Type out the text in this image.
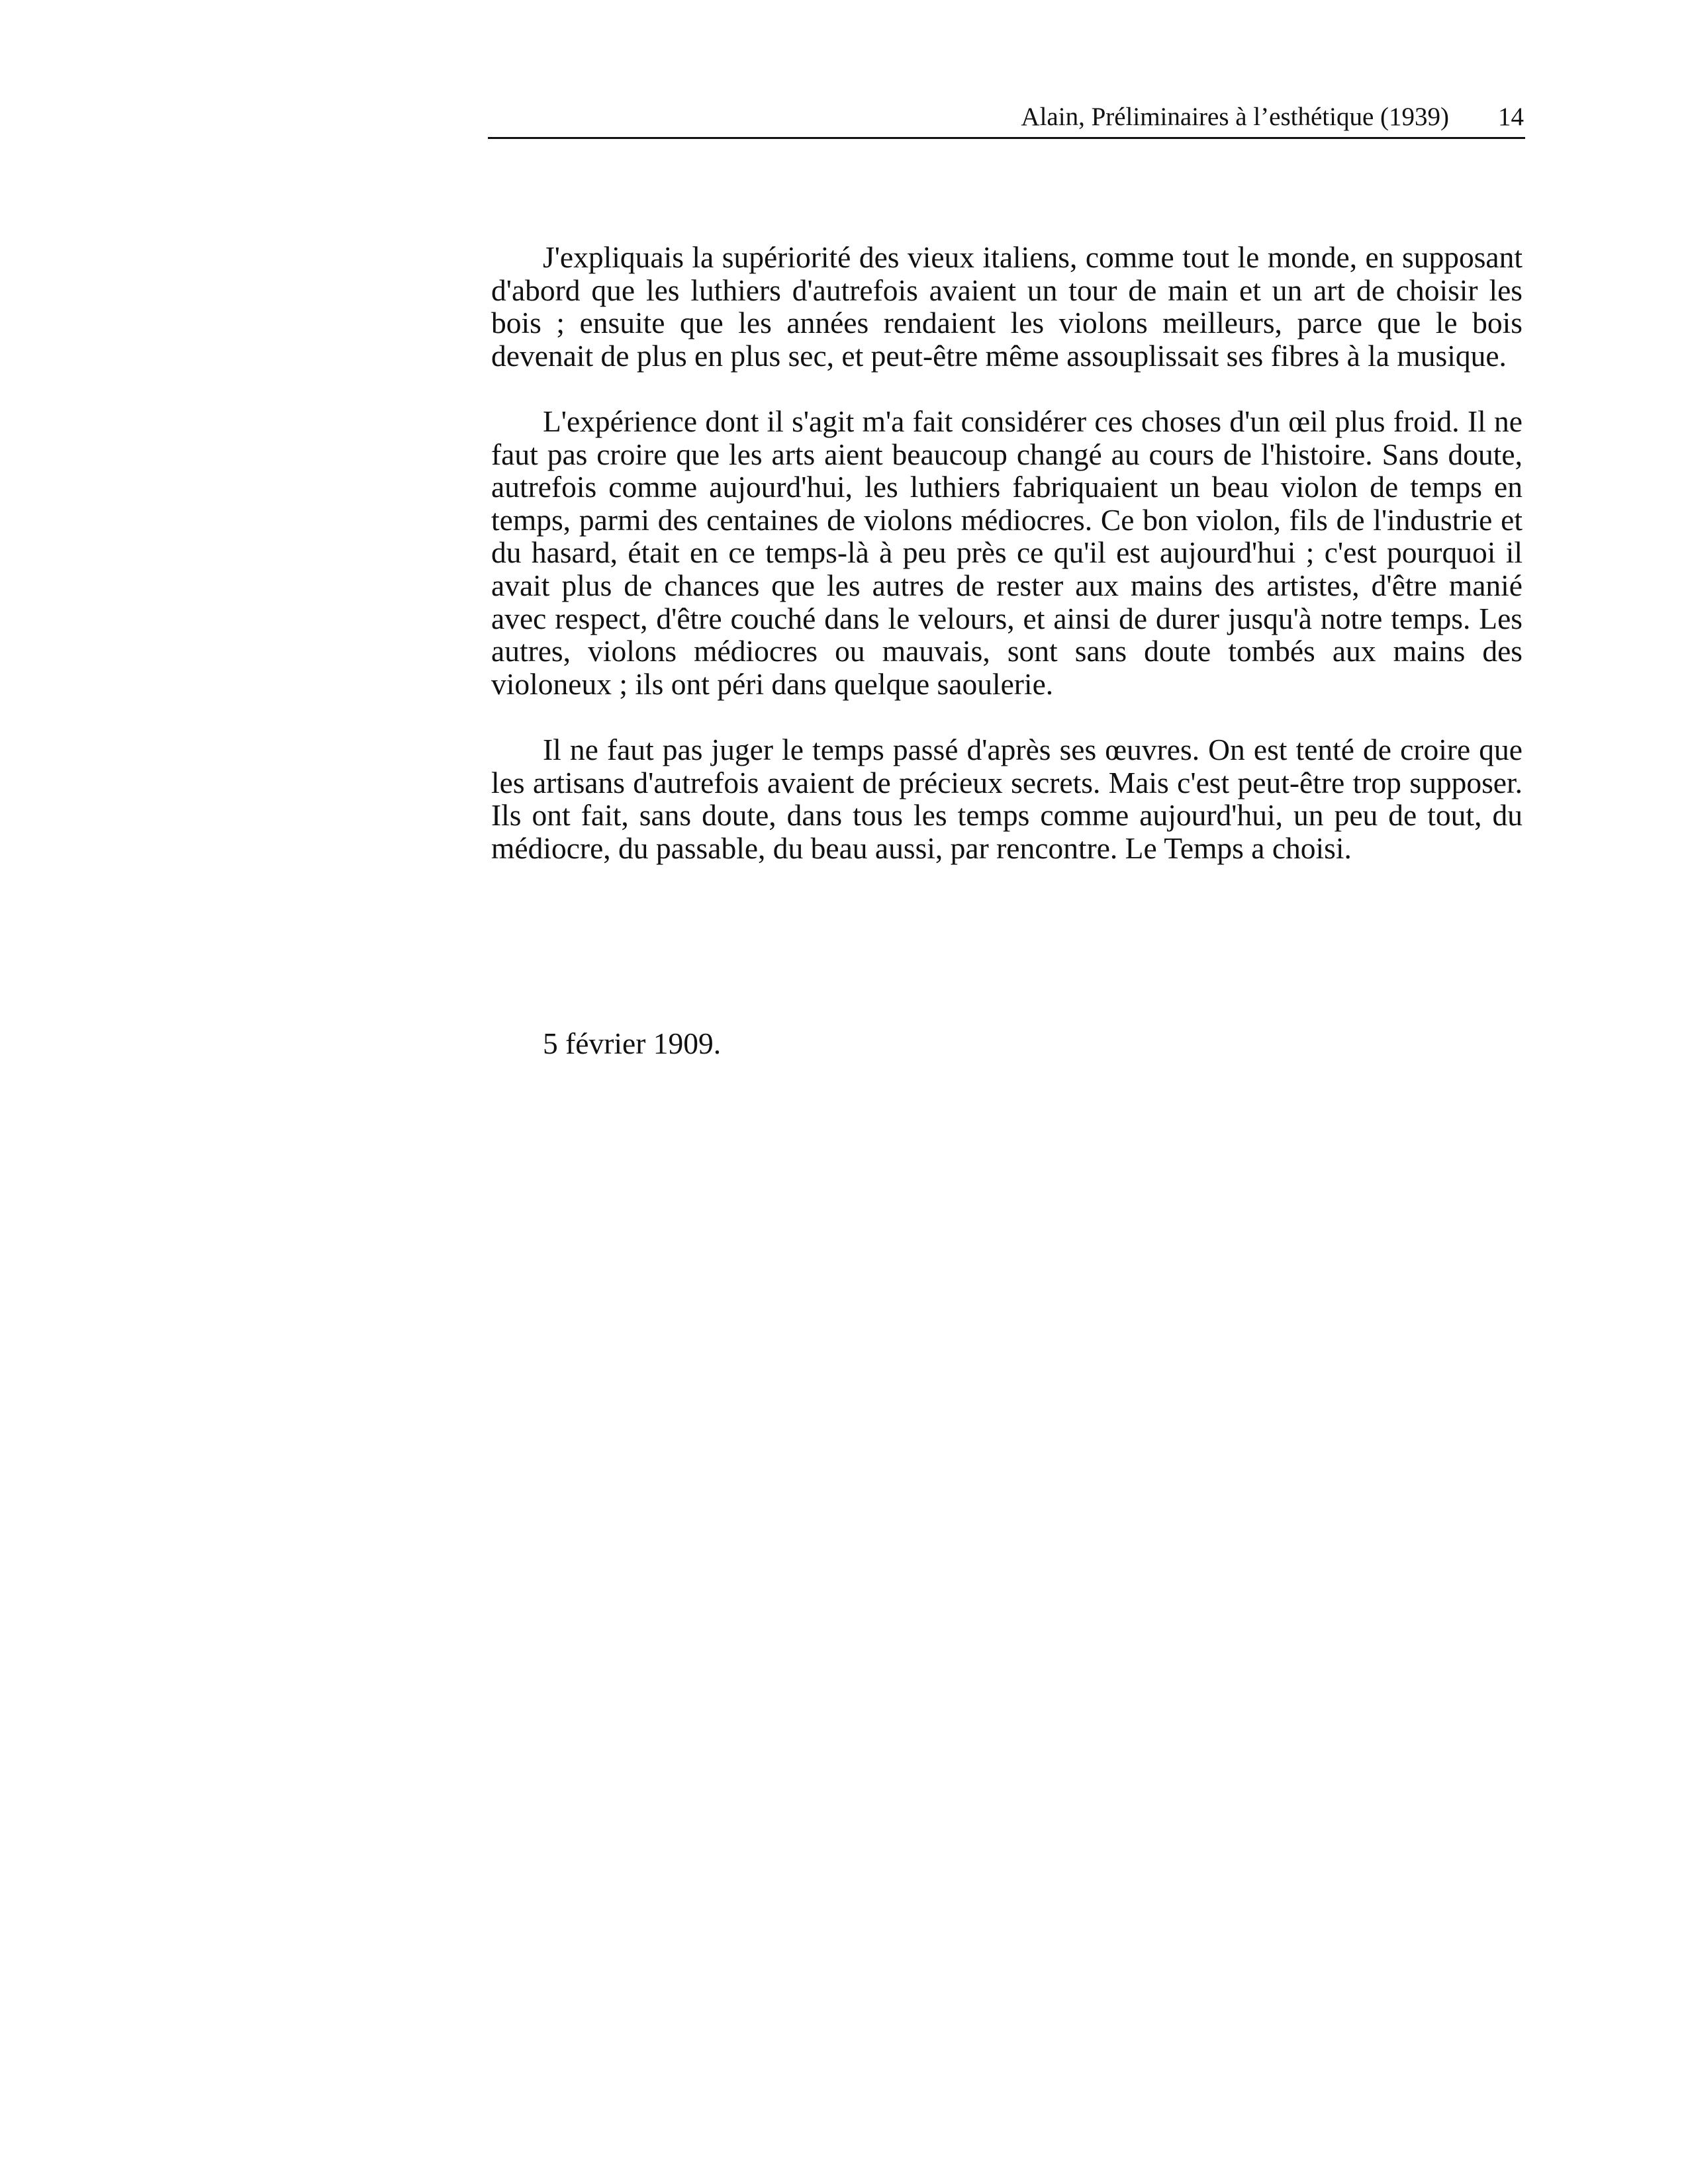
Alain, Préliminaires à l’esthétique (1939) 14

J'expliquais la supériorité des vieux italiens, comme tout le monde, en supposant d'abord que les luthiers d'autrefois avaient un tour de main et un art de choisir les bois ; ensuite que les années rendaient les violons meilleurs, parce que le bois devenait de plus en plus sec, et peut-être même assouplissait ses fibres à la musique.

L'expérience dont il s'agit m'a fait considérer ces choses d'un œil plus froid. Il ne faut pas croire que les arts aient beaucoup changé au cours de l'histoire. Sans doute, autrefois comme aujourd'hui, les luthiers fabriquaient un beau violon de temps en temps, parmi des centaines de violons médiocres. Ce bon violon, fils de l'industrie et du hasard, était en ce temps-là à peu près ce qu'il est aujourd'hui ; c'est pourquoi il avait plus de chances que les autres de rester aux mains des artistes, d'être manié avec respect, d'être couché dans le velours, et ainsi de durer jusqu'à notre temps. Les autres, violons médiocres ou mauvais, sont sans doute tombés aux mains des violoneux ; ils ont péri dans quelque saoulerie.

Il ne faut pas juger le temps passé d'après ses œuvres. On est tenté de croire que les artisans d'autrefois avaient de précieux secrets. Mais c'est peut-être trop supposer. Ils ont fait, sans doute, dans tous les temps comme aujourd'hui, un peu de tout, du médiocre, du passable, du beau aussi, par rencontre. Le Temps a choisi.

5 février 1909.
